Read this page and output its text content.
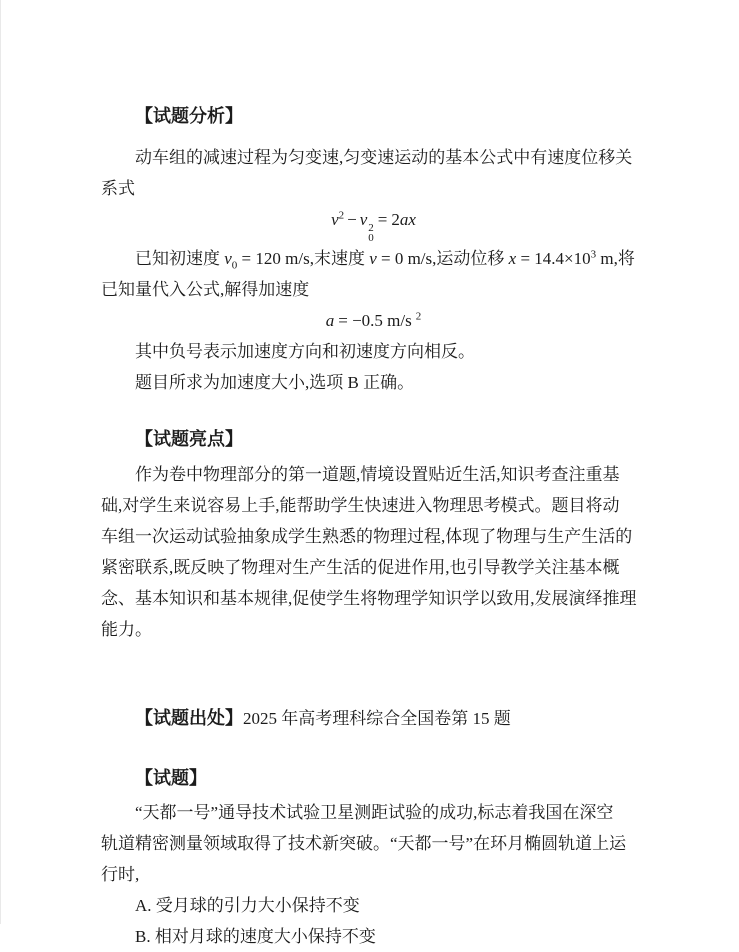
【试题分析】
动车组的减速过程为匀变速,匀变速运动的基本公式中有速度位移关
系式
$v^2 - v$ 2
0
= 2ax
已知初速度 $v_0 = 120$ m/s,末速度 v = 0 m/s,运动位移 $x = 14.4\times 10^3$ m,将
已知量代入公式,解得加速度
a = −0.5 m/s $^2$
其中负号表示加速度方向和初速度方向相反。
题目所求为加速度大小,选项 B 正确。
【试题亮点】
作为卷中物理部分的第一道题,情境设置贴近生活,知识考查注重基
础,对学生来说容易上手,能帮助学生快速进入物理思考模式。题目将动
车组一次运动试验抽象成学生熟悉的物理过程,体现了物理与生产生活的
紧密联系,既反映了物理对生产生活的促进作用,也引导教学关注基本概
念、基本知识和基本规律,促使学生将物理学知识学以致用,发展演绎推理
能力。
【试题出处】2025 年高考理科综合全国卷第 15 题
【试题】
“天都一号”通导技术试验卫星测距试验的成功,标志着我国在深空
轨道精密测量领域取得了技术新突破。“天都一号”在环月椭圆轨道上运
行时,
A. 受月球的引力大小保持不变
B. 相对月球的速度大小保持不变
